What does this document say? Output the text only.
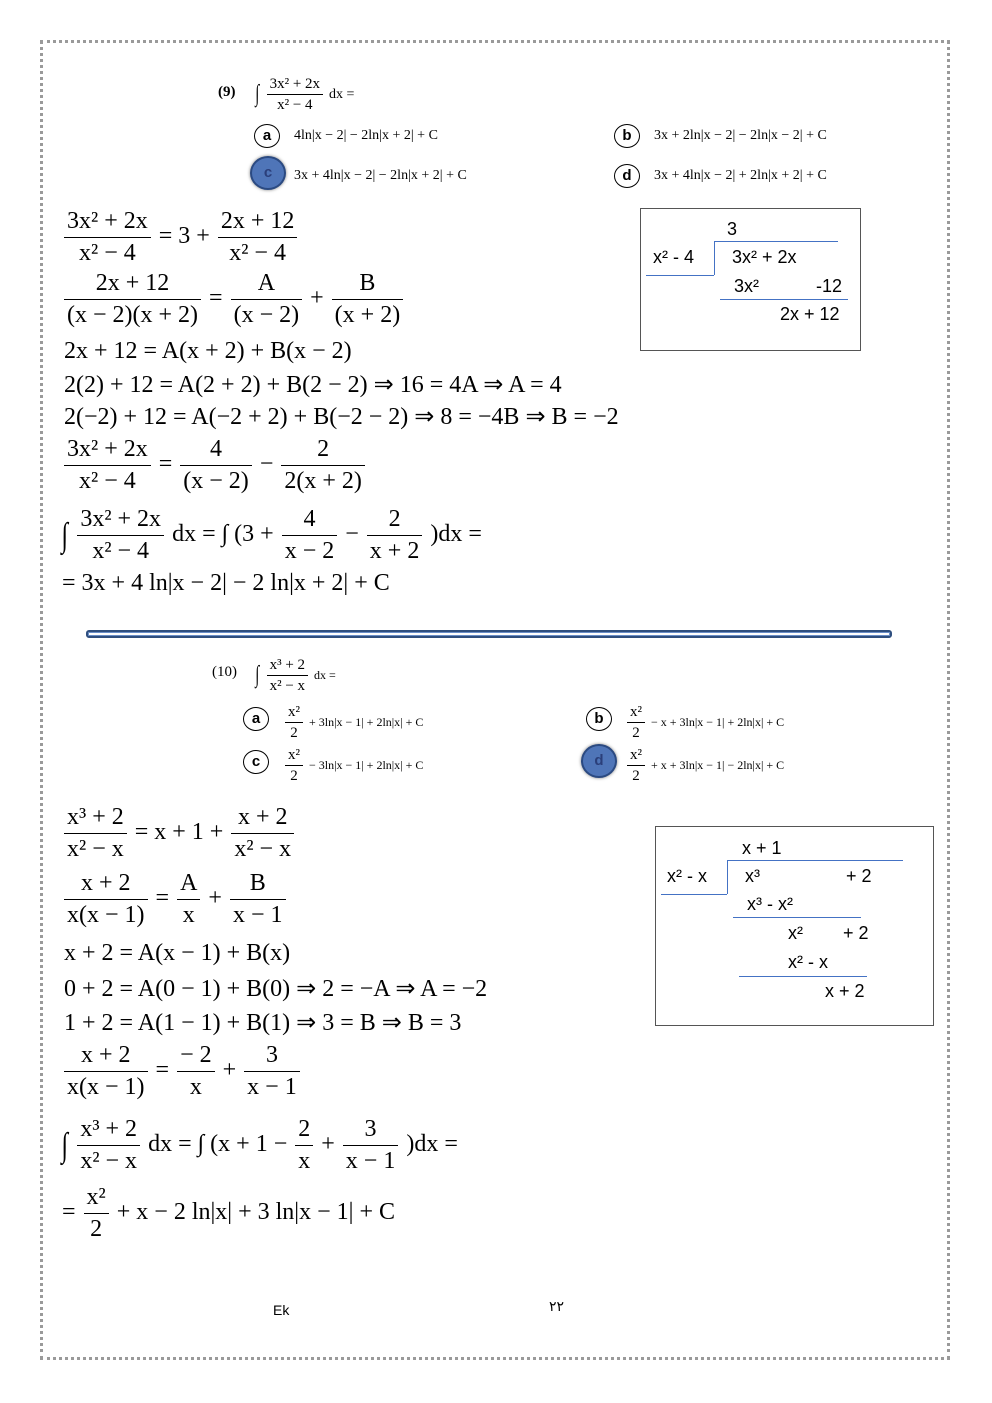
(9) ∫ $\frac{\text{3x² + 2x}}{\text{x² − 4}}$ dx =
a	4ln|x − 2| − 2ln|x + 2| + C	b	3x + 2ln|x − 2| − 2ln|x − 2| + C
c	3x + 4ln|x − 2| − 2ln|x + 2| + C	d	3x + 4ln|x − 2| + 2ln|x + 2| + C
$\frac{\text{3x² + 2x}}{\text{x² − 4}} = 3 + \frac{2x + 12}{\text{x² − 4}}$
$\frac{2x + 12}{(x - 2)(x + 2)} = \frac{A}{(x - 2)} + \frac{B}{(x + 2)}$
2x + 12 = A(x + 2) + B(x − 2)
2(2) + 12 = A(2 + 2) + B(2 − 2) ⇒ 16 = 4A ⇒ A = 4
2(−2) + 12 = A(−2 + 2) + B(−2 − 2) ⇒ 8 = −4B ⇒ B = −2
$\frac{\text{3x² + 2x}}{\text{x² − 4}} = \frac{4}{(x - 2)} - \frac{2}{2(x + 2)}$
∫ $\frac{\text{3x² + 2x}}{\text{x² − 4}}$ dx = ∫ $(3 + \frac{4}{x - 2} - \frac{2}{x + 2} )dx$ =
= 3x + 4 ln|x − 2| − 2 ln|x + 2| + C
3
x² - 4 3x² + 2x
3x²	-12
2x + 12
(10) ∫ $\frac{\text{x³ + 2}}{\text{x² − x}}$ dx =
a	$\frac{\text{x²}}{2} + 3\ln|x - 1| + 2\ln|x| + C$	b	$\frac{\text{x²}}{2} - x + 3\ln|x - 1| + 2\ln|x| + C$
c	$\frac{\text{x²}}{2} - 3\ln|x - 1| + 2\ln|x| + C$	d	$\frac{\text{x²}}{2} + x + 3\ln|x - 1| - 2\ln|x| + C$
$\frac{\text{x³ + 2}}{\text{x² − x}} = x + 1 + \frac{x + 2}{\text{x² − x}}$
$\frac{x + 2}{x(x - 1)} = \frac{A}{x} + \frac{B}{x - 1}$
x + 2 = A(x − 1) + B(x)
0 + 2 = A(0 − 1) + B(0) ⇒ 2 = −A ⇒ A = −2
1 + 2 = A(1 − 1) + B(1) ⇒ 3 = B ⇒ B = 3
$\frac{x + 2}{x(x - 1)} = \frac{- 2}{x} + \frac{3}{x - 1}$
∫ $\frac{\text{x³ + 2}}{\text{x² − x}}$ dx = ∫ $(x + 1 - \frac{2}{x} + \frac{3}{x - 1} )dx$ =
= $\frac{\text{x²}}{2} + x - 2$ ln|x| + 3 ln|x − 1| + C
x + 1
x² - x x³	+ 2
x³ - x²
x² + 2
x² - x
x + 2
Ek	٢٢
